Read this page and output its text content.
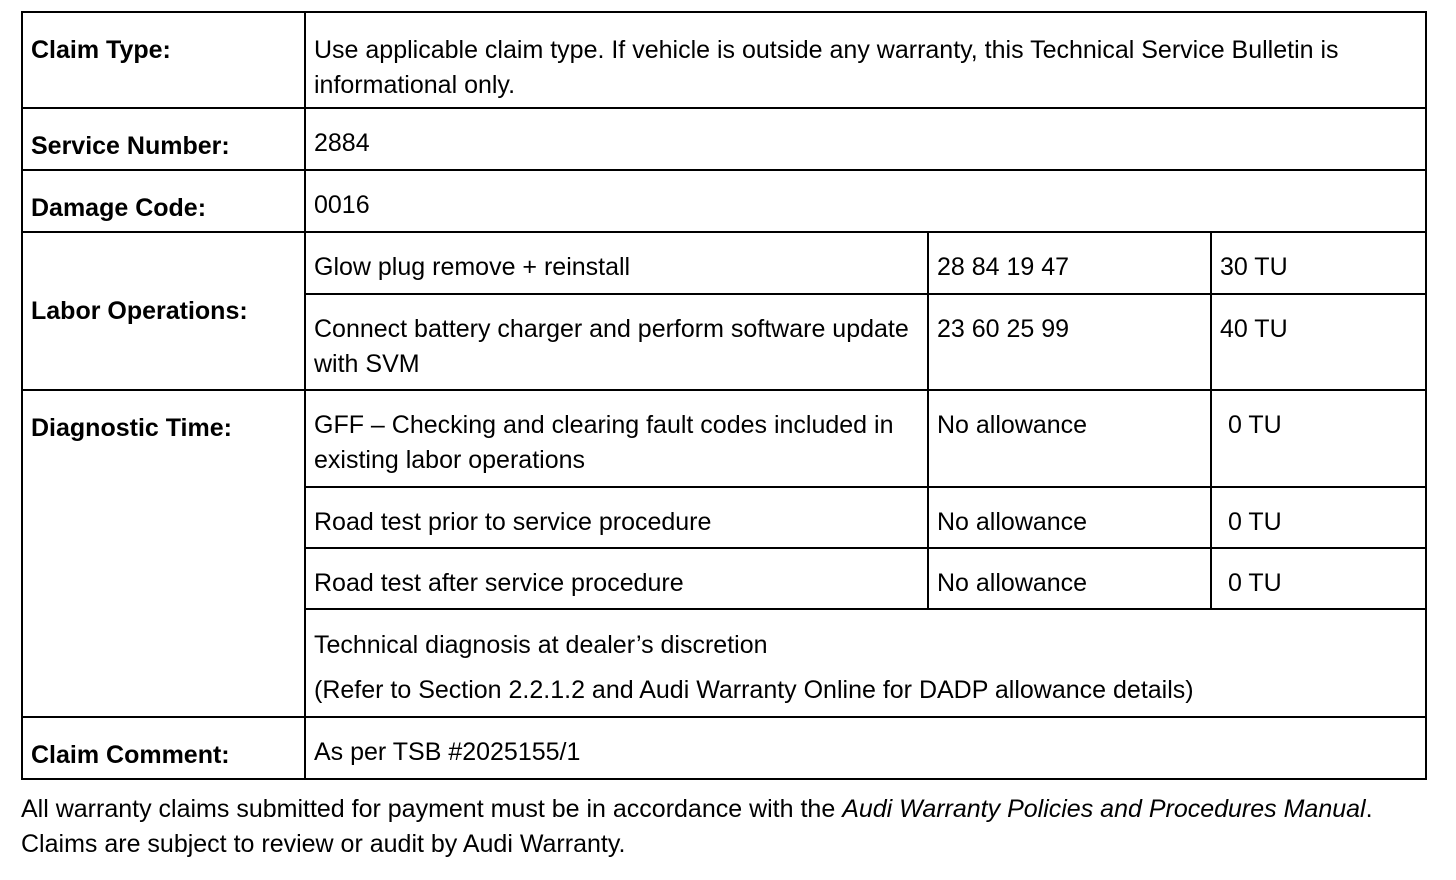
Claim Type:	Use applicable claim type. If vehicle is outside any warranty, this Technical Service Bulletin is informational only.		
Service Number:	2884		
Damage Code:	0016		
Labor Operations:	Glow plug remove + reinstall	28 84 19 47	30 TU
	Connect battery charger and perform software update with SVM	23 60 25 99	40 TU
Diagnostic Time:	GFF – Checking and clearing fault codes included in existing labor operations	No allowance	0 TU
	Road test prior to service procedure	No allowance	0 TU
	Road test after service procedure	No allowance	0 TU
	Technical diagnosis at dealer’s discretion
(Refer to Section 2.2.1.2 and Audi Warranty Online for DADP allowance details)		

Claim Comment:	As per TSB #2025155/1		
All warranty claims submitted for payment must be in accordance with the Audi Warranty Policies and Procedures Manual. Claims are subject to review or audit by Audi Warranty.
